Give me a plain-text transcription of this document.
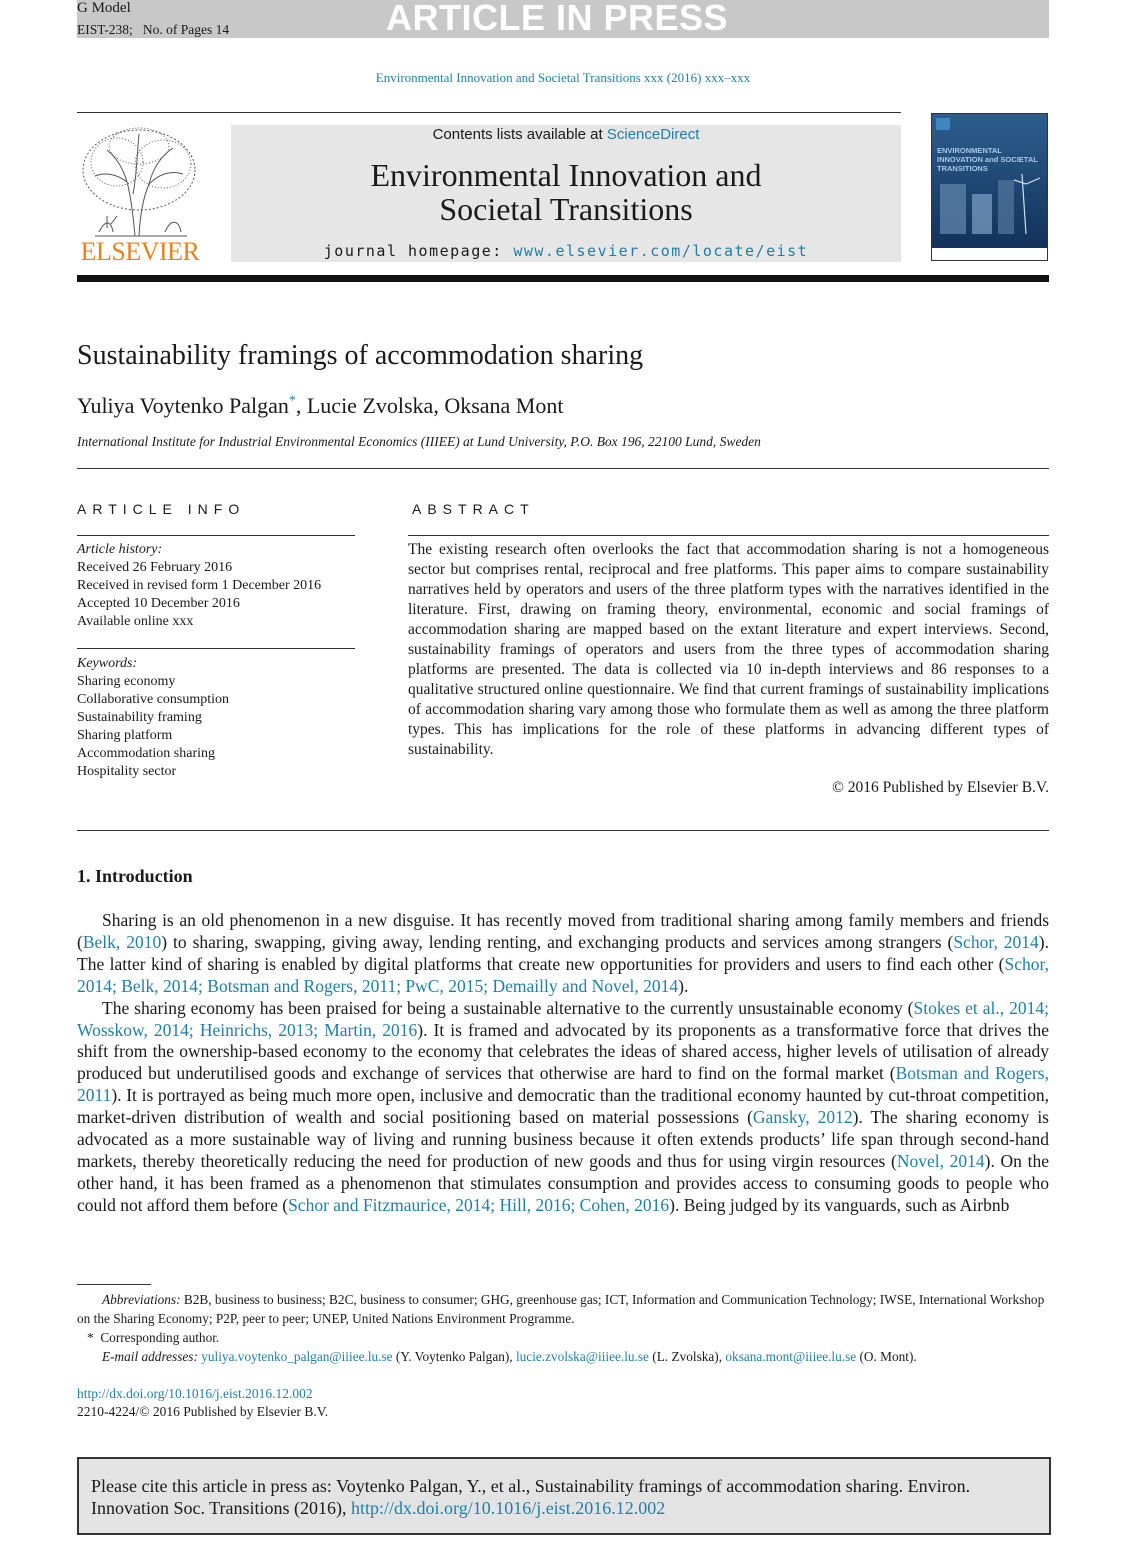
G Model
EIST-238; No. of Pages 14	ARTICLE IN PRESS
Environmental Innovation and Societal Transitions xxx (2016) xxx–xxx
ELSEVIER
Contents lists available at ScienceDirect
Environmental Innovation and
Societal Transitions
journal homepage: www.elsevier.com/locate/eist
ENVIRONMENTAL INNOVATION and SOCIETAL TRANSITIONS
Sustainability framings of accommodation sharing
Yuliya Voytenko Palgan*, Lucie Zvolska, Oksana Mont
International Institute for Industrial Environmental Economics (IIIEE) at Lund University, P.O. Box 196, 22100 Lund, Sweden
ARTICLE INFO	ABSTRACT
Article history:
Received 26 February 2016
Received in revised form 1 December 2016
Accepted 10 December 2016
Available online xxx
Keywords:
Sharing economy
Collaborative consumption
Sustainability framing
Sharing platform
Accommodation sharing
Hospitality sector
The existing research often overlooks the fact that accommodation sharing is not a homogeneous sector but comprises rental, reciprocal and free platforms. This paper aims to compare sustainability narratives held by operators and users of the three platform types with the narratives identified in the literature. First, drawing on framing theory, environmental, economic and social framings of accommodation sharing are mapped based on the extant literature and expert interviews. Second, sustainability framings of operators and users from the three types of accommodation sharing platforms are presented. The data is collected via 10 in-depth interviews and 86 responses to a qualitative structured online questionnaire. We find that current framings of sustainability implications of accommodation sharing vary among those who formulate them as well as among the three platform types. This has implications for the role of these platforms in advancing different types of sustainability.
© 2016 Published by Elsevier B.V.
1. Introduction

Sharing is an old phenomenon in a new disguise. It has recently moved from traditional sharing among family members and friends (Belk, 2010) to sharing, swapping, giving away, lending renting, and exchanging products and services among strangers (Schor, 2014). The latter kind of sharing is enabled by digital platforms that create new opportunities for providers and users to find each other (Schor, 2014; Belk, 2014; Botsman and Rogers, 2011; PwC, 2015; Demailly and Novel, 2014).

The sharing economy has been praised for being a sustainable alternative to the currently unsustainable economy (Stokes et al., 2014; Wosskow, 2014; Heinrichs, 2013; Martin, 2016). It is framed and advocated by its proponents as a transformative force that drives the shift from the ownership-based economy to the economy that celebrates the ideas of shared access, higher levels of utilisation of already produced but underutilised goods and exchange of services that otherwise are hard to find on the formal market (Botsman and Rogers, 2011). It is portrayed as being much more open, inclusive and democratic than the traditional economy haunted by cut-throat competition, market-driven distribution of wealth and social positioning based on material possessions (Gansky, 2012). The sharing economy is advocated as a more sustainable way of living and running business because it often extends products’ life span through second-hand markets, thereby theoretically reducing the need for production of new goods and thus for using virgin resources (Novel, 2014). On the other hand, it has been framed as a phenomenon that stimulates consumption and provides access to consuming goods to people who could not afford them before (Schor and Fitzmaurice, 2014; Hill, 2016; Cohen, 2016). Being judged by its vanguards, such as Airbnb

Abbreviations: B2B, business to business; B2C, business to consumer; GHG, greenhouse gas; ICT, Information and Communication Technology; IWSE, International Workshop on the Sharing Economy; P2P, peer to peer; UNEP, United Nations Environment Programme.

* Corresponding author.

E-mail addresses: yuliya.voytenko_palgan@iiiee.lu.se (Y. Voytenko Palgan), lucie.zvolska@iiiee.lu.se (L. Zvolska), oksana.mont@iiiee.lu.se (O. Mont).

http://dx.doi.org/10.1016/j.eist.2016.12.002
2210-4224/© 2016 Published by Elsevier B.V.
Please cite this article in press as: Voytenko Palgan, Y., et al., Sustainability framings of accommodation sharing. Environ. Innovation Soc. Transitions (2016), http://dx.doi.org/10.1016/j.eist.2016.12.002
